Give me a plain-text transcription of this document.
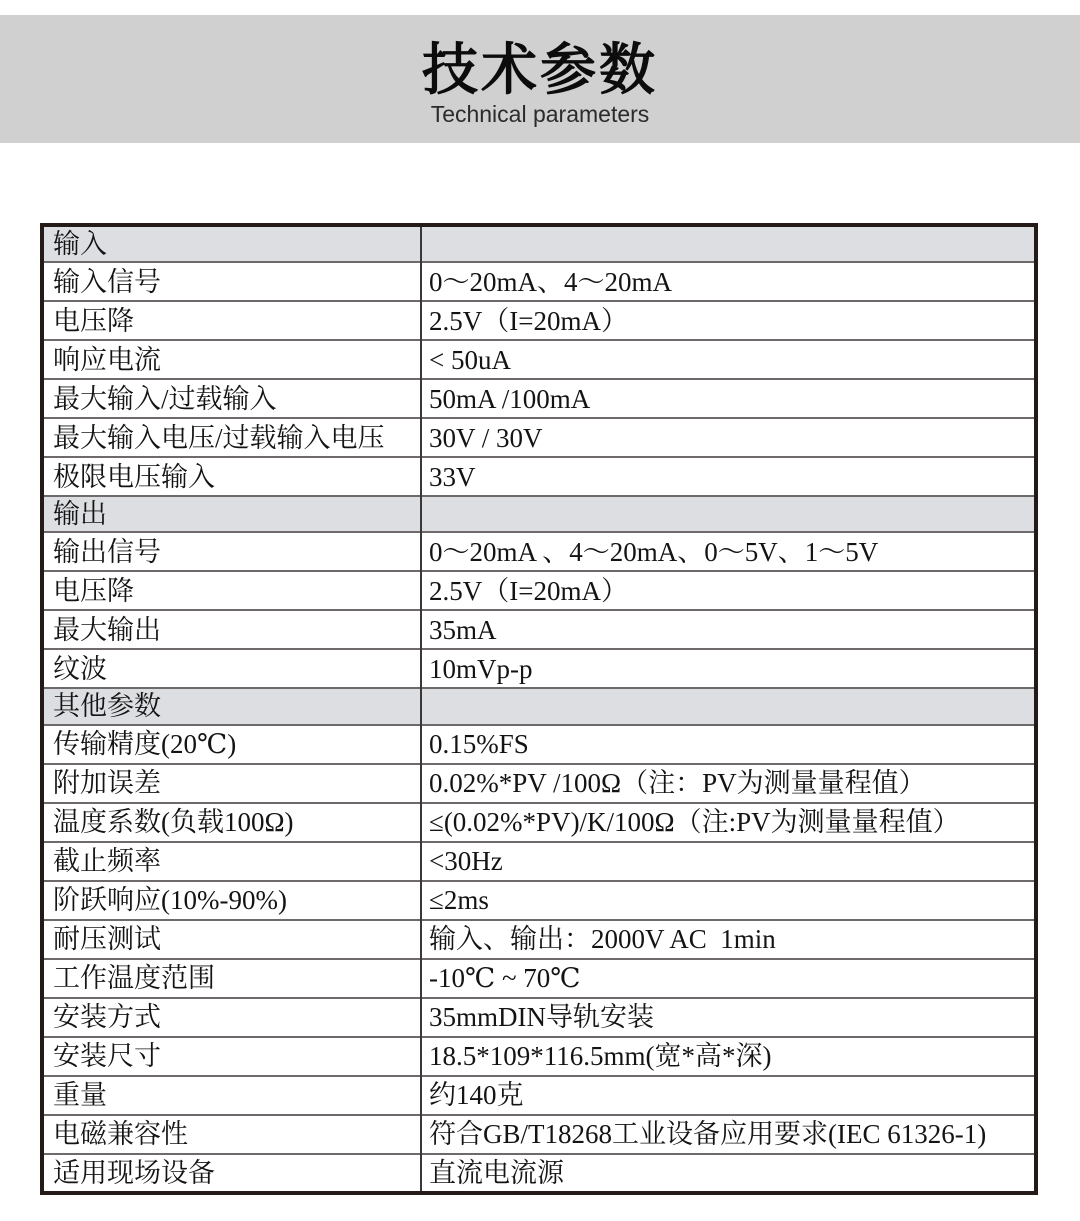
技术参数
Technical parameters
输入	
输入信号	0～20mA、4～20mA
电压降	2.5V（I=20mA）
响应电流	< 50uA
最大输入/过载输入	50mA /100mA
最大输入电压/过载输入电压	30V / 30V
极限电压输入	33V
输出	
输出信号	0～20mA 、4～20mA、0～5V、1～5V
电压降	2.5V（I=20mA）
最大输出	35mA
纹波	10mVp-p
其他参数	
传输精度(20℃)	0.15%FS
附加误差	0.02%*PV /100Ω（注：PV为测量量程值）
温度系数(负载100Ω)	≤(0.02%*PV)/K/100Ω（注:PV为测量量程值）
截止频率	<30Hz
阶跃响应(10%-90%)	≤2ms
耐压测试	输入、输出：2000V AC  1min
工作温度范围	-10℃ ~ 70℃
安装方式	35mmDIN导轨安装
安装尺寸	18.5*109*116.5mm(宽*高*深)
重量	约140克
电磁兼容性	符合GB/T18268工业设备应用要求(IEC 61326-1)
适用现场设备	直流电流源
